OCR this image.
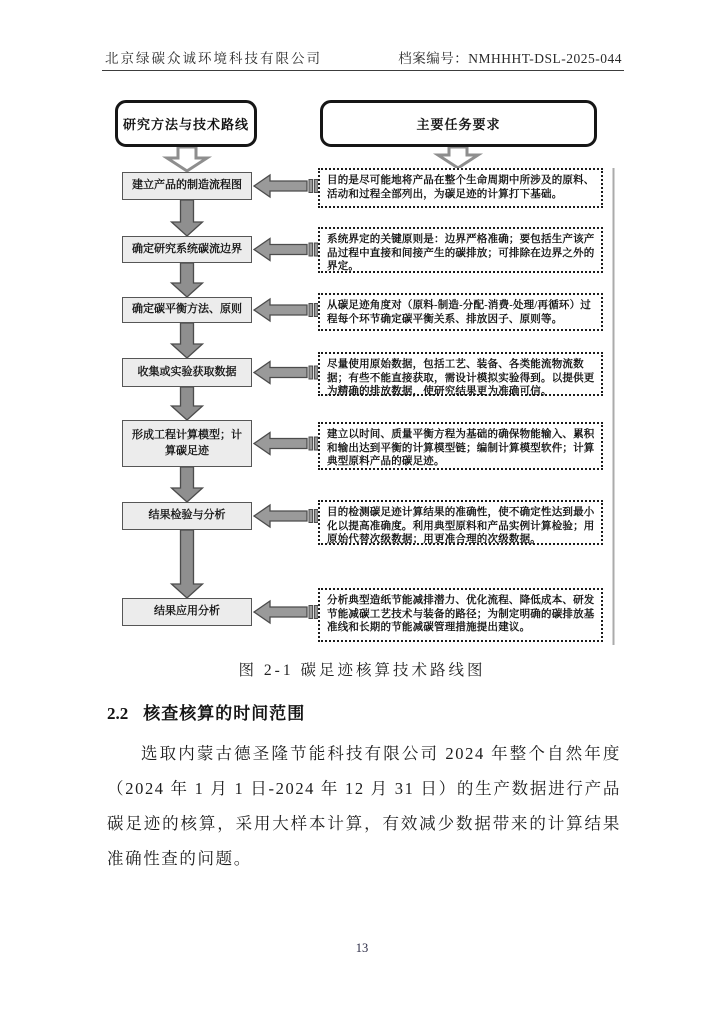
北京绿碳众诚环境科技有限公司	档案编号：NMHHHT-DSL-2025-044
研究方法与技术路线	主要任务要求
建立产品的制造流程图
确定研究系统碳流边界
确定碳平衡方法、原则
收集或实验获取数据
形成工程计算模型；计算碳足迹
结果检验与分析
结果应用分析
目的是尽可能地将产品在整个生命周期中所涉及的原料、活动和过程全部列出，为碳足迹的计算打下基础。
系统界定的关键原则是：边界严格准确；要包括生产该产品过程中直接和间接产生的碳排放；可排除在边界之外的界定。
从碳足迹角度对（原料-制造-分配-消费-处理/再循环）过程每个环节确定碳平衡关系、排放因子、原则等。
尽量使用原始数据，包括工艺、装备、各类能流物流数据；有些不能直接获取，需设计模拟实验得到。以提供更为精确的排放数据，使研究结果更为准确可信。
建立以时间、质量平衡方程为基础的确保物能输入、累积和输出达到平衡的计算模型链；编制计算模型软件；计算典型原料产品的碳足迹。
目的检测碳足迹计算结果的准确性，使不确定性达到最小化以提高准确度。利用典型原料和产品实例计算检验；用原始代替次级数据；用更准合理的次级数据。
分析典型造纸节能减排潜力、优化流程、降低成本、研发节能减碳工艺技术与装备的路径；为制定明确的碳排放基准线和长期的节能减碳管理措施提出建议。
图 2-1 碳足迹核算技术路线图
2.2 核查核算的时间范围
选取内蒙古德圣隆节能科技有限公司 2024 年整个自然年度（2024 年 1 月 1 日-2024 年 12 月 31 日）的生产数据进行产品碳足迹的核算，采用大样本计算，有效减少数据带来的计算结果准确性查的问题。
13
